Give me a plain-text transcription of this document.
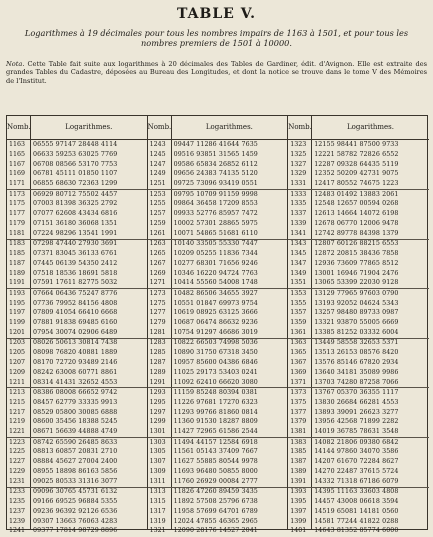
TABLE V.
Logarithmes à 19 décimales pour tous les nombres impairs de 1163 à 1501, et pour tous les nombres premiers de 1501 à 10000.
Nota. Cette Table fait suite aux logarithmes à 20 décimales des Tables de Gardiner, édit. d'Avignon. Elle est extraite des grandes Tables du Cadastre, déposées au Bureau des Longitudes, et dont la notice se trouve dans le tome V des Mémoires de l'Institut.
Nomb.	Logarithmes.
1163	06555 97147 28448 4114
1165	06633 59253 63025 7769
1167	06708 08566 53170 7753
1169	06781 45111 01850 1107
1171	06855 68630 72363 1299
1173	06929 80712 75502 4457
1175	07003 81398 36325 2792
1177	07077 62608 43434 6816
1179	07151 36180 36068 1351
1181	07224 98296 13541 1991
1183	07298 47440 27930 3691
1185	07371 83045 36133 6761
1187	07445 06139 54350 2412
1189	07518 18536 18691 5818
1191	07591 17611 82775 5032
1193	07664 06436 75247 8776
1195	07736 79952 84156 4808
1197	07809 41054 66410 6668
1199	07881 91838 69485 6160
1201	07954 30074 02906 6489
1203	08026 50613 30814 7438
1205	08098 76820 40881 1889
1207	08170 72720 93489 2146
1209	08242 63008 60771 8861
1211	08314 41431 32652 4553
1213	08386 08008 66652 9742
1215	08457 62779 33335 9913
1217	08529 05800 30085 6888
1219	08600 35456 18388 5245
1221	08671 56639 44888 4749
1223	08742 65590 26485 8633
1225	08813 60857 20831 2710
1227	08884 45627 27004 2400
1229	08955 18898 86163 5856
1231	09025 80533 31316 3077
1233	09096 30765 45731 6132
1235	09166 69525 96884 5355
1237	09236 96392 92126 6536
1239	09307 13663 76063 4283
1241	09377 17814 98729 8896
Nomb.	Logarithmes.
1243	09447 11286 41644 7635
1245	09516 93851 31565 1459
1247	09586 65834 26852 6112
1249	09656 24383 74135 5120
1251	09725 73096 93419 0551
1253	09795 10709 91159 9998
1255	09864 36458 17209 8553
1257	09933 52776 85957 7472
1259	10002 57301 28865 5975
1261	10071 54865 51681 6110
1263	10140 33505 55330 7447
1265	10209 05255 11836 7344
1267	10277 68301 71656 9246
1269	10346 16220 94724 7763
1271	10414 55560 54008 1748
1273	10482 86506 34655 3927
1275	10551 01847 69973 9754
1277	10619 08925 63125 3666
1279	10687 06474 86632 9236
1281	10754 91297 46686 3019
1283	10822 66503 74998 5036
1285	10890 31750 67318 3450
1287	10957 85600 04386 6846
1289	11025 29173 53403 0241
1291	11092 62410 66620 3080
1293	11159 85248 80394 0381
1295	11226 97681 17270 6323
1297	11293 99766 81860 0814
1299	11360 91530 18287 8809
1301	11427 72965 61586 2544
1303	11494 44157 12584 6918
1305	11561 05143 37409 7667
1307	11627 55885 80544 9978
1309	11693 96480 50855 8000
1311	11760 26929 00084 2777
1313	11826 47260 89459 3435
1315	11892 57508 25796 6738
1317	11958 57699 64701 6789
1319	12024 47855 46365 2965
1321	12090 28176 14527 2041
Nomb.	Logarithmes.
1323	12155 98441 87500 9733
1325	12221 58782 72826 6552
1327	12287 09328 64435 5119
1329	12352 50209 42731 9075
1331	12417 80552 74675 1223
1333	12483 01492 13883 2061
1335	12548 12657 00594 0268
1337	12613 14664 14072 6198
1339	12678 06770 12006 9478
1341	12742 89778 84398 1379
1343	12807 60126 88215 6553
1345	12872 20815 38436 7858
1347	12936 73609 77865 8512
1349	13001 16946 71904 2476
1351	13065 53399 22030 9128
1353	13129 77965 97603 0790
1355	13193 92052 04624 5343
1357	13257 98480 89733 0987
1359	13321 93870 55005 6669
1361	13385 81252 03332 6004
1363	13449 58558 32653 5371
1365	13513 26153 08576 8420
1367	13576 85146 67820 2934
1369	13640 34181 35089 9986
1371	13703 74280 87258 7066
1373	13767 05370 36355 1117
1375	13830 26684 66281 4553
1377	13893 39091 26623 3277
1379	13956 42568 71899 2282
1381	14019 36785 78631 3548
1383	14082 21806 09380 6842
1385	14144 97860 34070 3586
1387	14207 61670 72284 8627
1389	14270 22487 37615 5724
1391	14332 71318 67186 6079
1393	14395 11163 33603 4808
1395	14457 43008 06618 3594
1397	14519 65081 14181 0560
1399	14581 77244 41822 0288
1401	14643 81352 85774 6000
